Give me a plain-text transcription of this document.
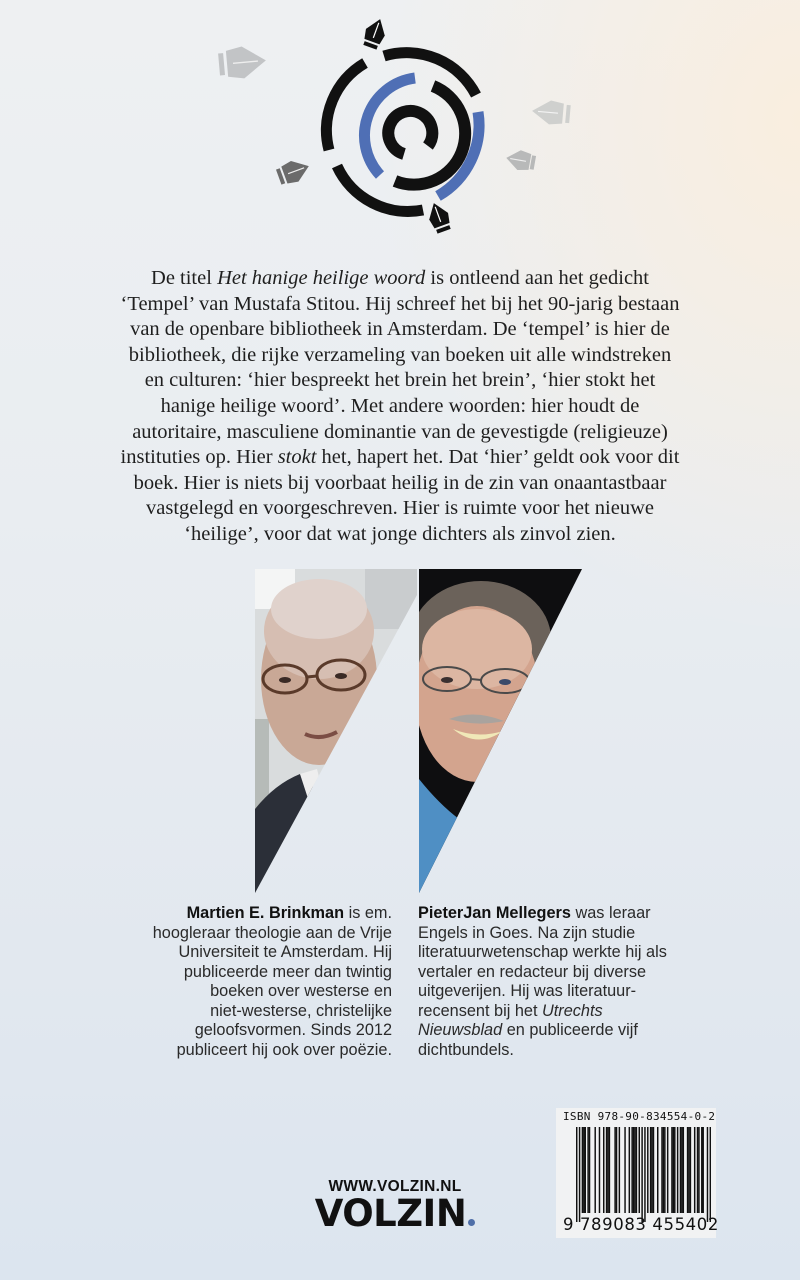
De titel Het hanige heilige woord is ontleend aan het gedicht
‘Tempel’ van Mustafa Stitou. Hij schreef het bij het 90-jarig bestaan
van de openbare bibliotheek in Amsterdam. De ‘tempel’ is hier de
bibliotheek, die rijke verzameling van boeken uit alle windstreken
en culturen: ‘hier bespreekt het brein het brein’, ‘hier stokt het
hanige heilige woord’. Met andere woorden: hier houdt de
autoritaire, masculiene dominantie van de gevestigde (religieuze)
instituties op. Hier stokt het, hapert het. Dat ‘hier’ geldt ook voor dit
boek. Hier is niets bij voorbaat heilig in de zin van onaantastbaar
vastgelegd en voorgeschreven. Hier is ruimte voor het nieuwe
‘heilige’, voor dat wat jonge dichters als zinvol zien.

Martien E. Brinkman is em.
hoogleraar theologie aan de Vrije
Universiteit te Amsterdam. Hij
publiceerde meer dan twintig
boeken over westerse en
niet-westerse, christelijke
geloofsvormen. Sinds 2012
publiceert hij ook over poëzie.

PieterJan Mellegers was leraar
Engels in Goes. Na zijn studie
literatuurwetenschap werkte hij als
vertaler en redacteur bij diverse
uitgeverijen. Hij was literatuur-
recensent bij het Utrechts
Nieuwsblad en publiceerde vijf
dichtbundels.

WWW.VOLZIN.NL
VOLZIN
ISBN 978-90-834554-0-2
9 789083 455402
